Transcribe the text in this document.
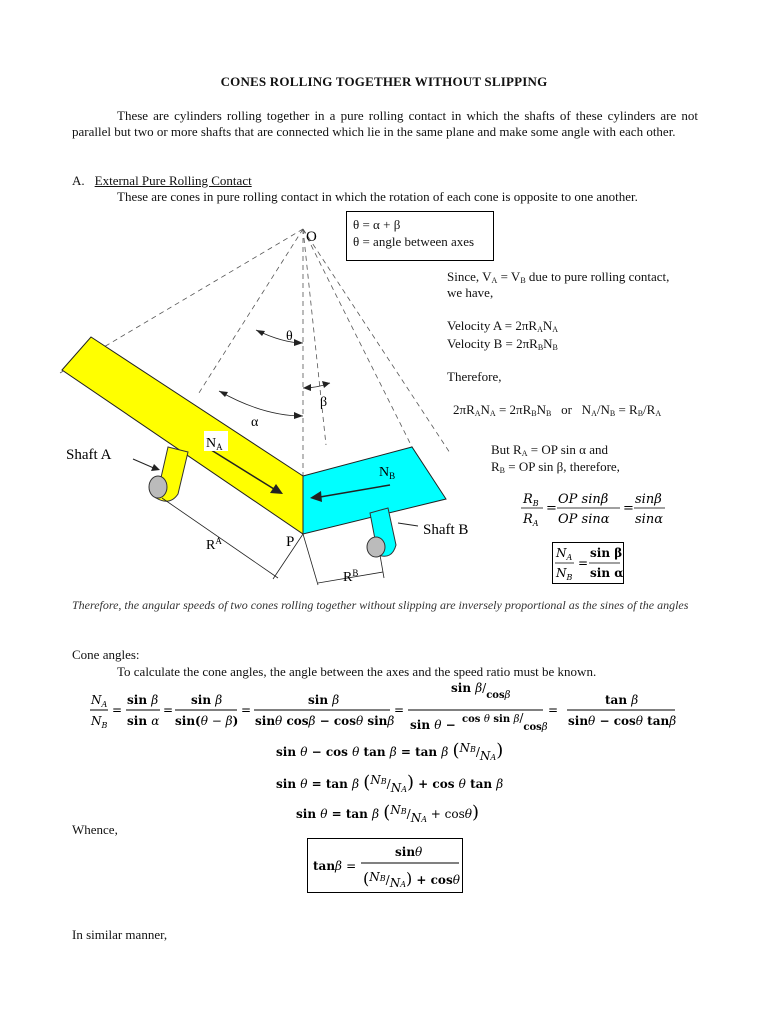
CONES ROLLING TOGETHER WITHOUT SLIPPING
These are cylinders rolling together in a pure rolling contact in which the shafts of these cylinders are not parallel but two or more shafts that are connected which lie in the same plane and make some angle with each other.
A. External Pure Rolling Contact
These are cones in pure rolling contact in which the rotation of each cone is opposite to one another.
O
θ
α
β
$N_A$
$N_B$
Shaft A
Shaft B
$R^A$	P
$R^B$
θ = α + β
θ = angle between axes
Since, $V_A = V_B$ due to pure rolling contact,
we have,
Velocity $A = 2\pi R_AN_A$
Velocity $B = 2\pi R_BN_B$
Therefore,
$2\pi R_AN_A = 2\pi R_BN_B$   or   $N_A/N_B = R_B/R_A$
But $R_A$ = OP sin α and
$R_B$ = OP sin β, therefore,
$R_B$
$R_A$
=
OP sinβ
OP sinα
=
sinβ
sinα
$N_A$
$N_B$
=
sin β
sin α
Therefore, the angular speeds of two cones rolling together without slipping are inversely proportional as the sines of the angles
Cone angles:
To calculate the cone angles, the angle between the axes and the speed ratio must be known.
$N_A$
$N_B$
=
sin β
sin α
=
sin β
sin(θ − β)
=
sin β
sinθ cosβ − cosθ sinβ
=
$\sin \beta/_{cos}\beta$
sin θ − cos θ sin β/cosβ
=
tan β
sinθ − cosθ tanβ
sin θ − cos θ tan β = tan β (NB/NA)
sin θ = tan β (NB/NA) + cos θ tan β
sin θ = tan β (NB/NA + cosθ)
Whence,
tanβ =
sinθ
(NB/NA) + cosθ
In similar manner,
